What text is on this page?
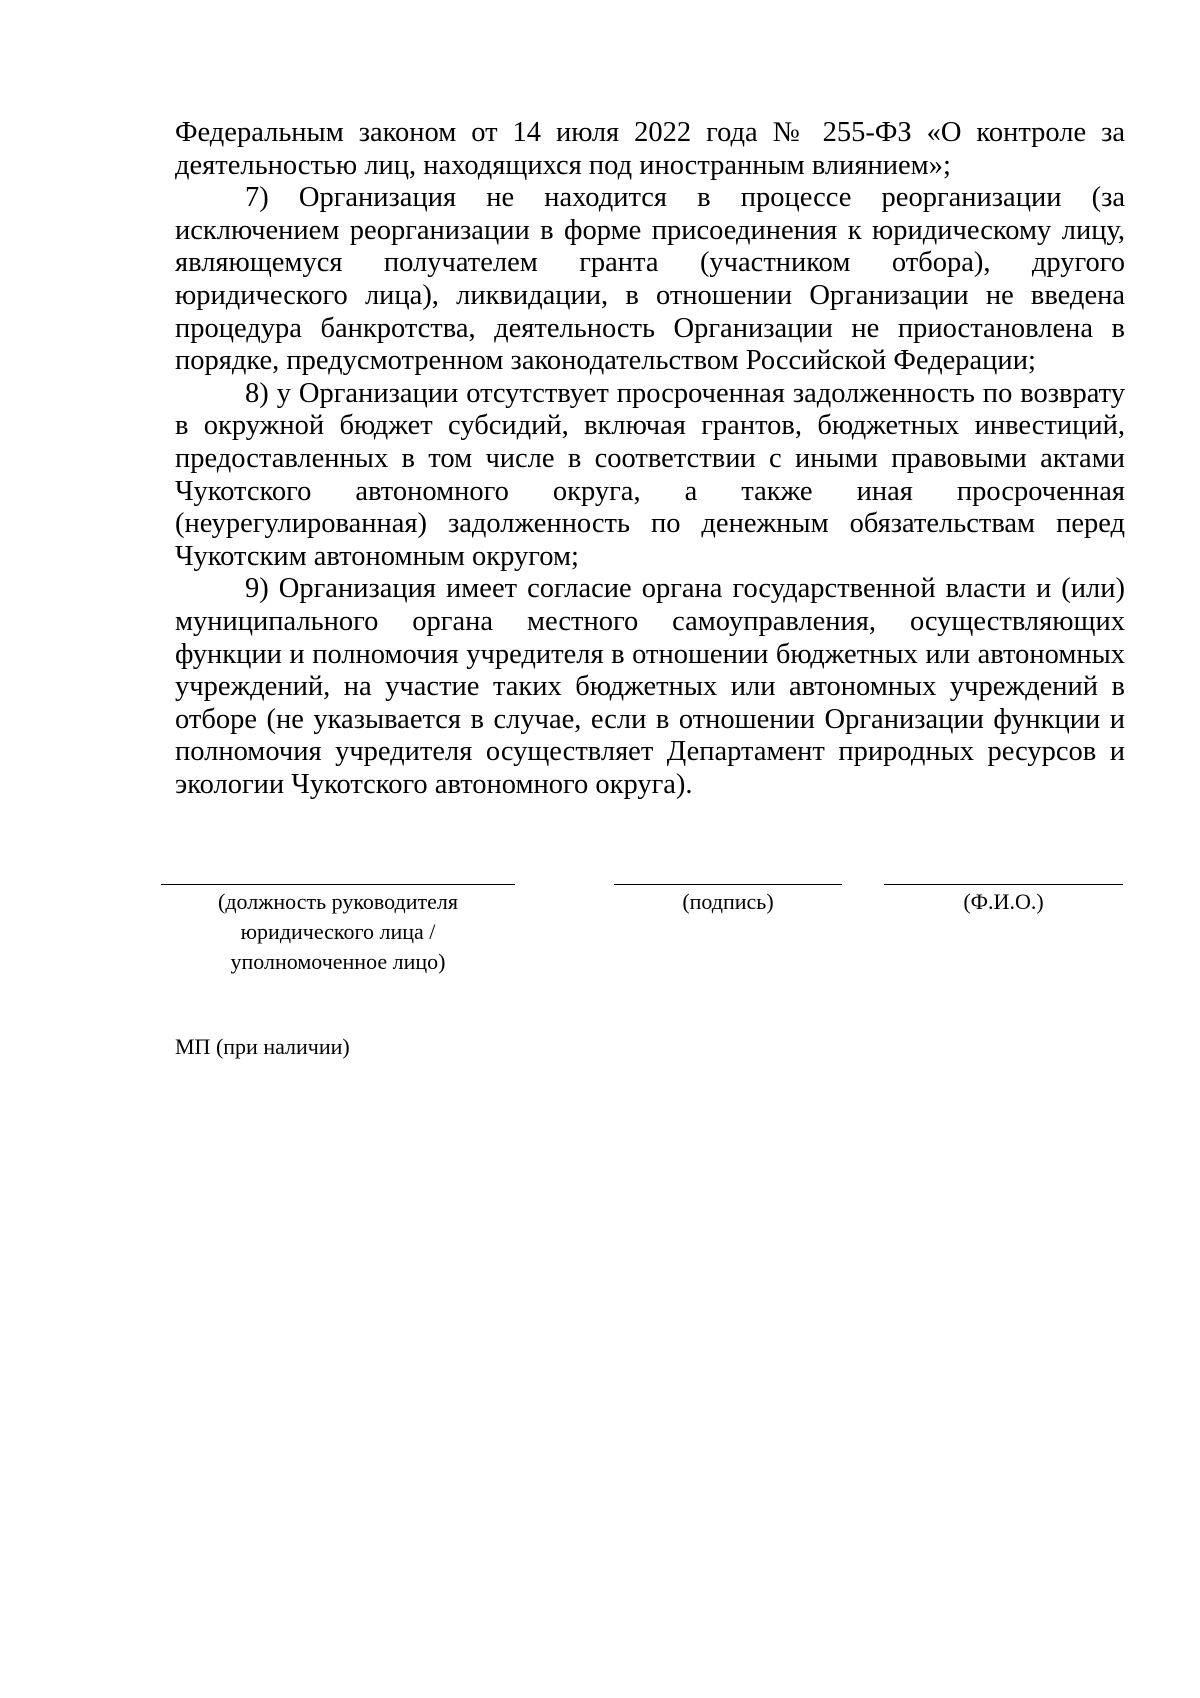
Федеральным законом от 14 июля 2022 года № 255-ФЗ «О контроле за деятельностью лиц, находящихся под иностранным влиянием»;

7) Организация не находится в процессе реорганизации (за исключением реорганизации в форме присоединения к юридическому лицу, являющемуся получателем гранта (участником отбора), другого юридического лица), ликвидации, в отношении Организации не введена процедура банкротства, деятельность Организации не приостановлена в порядке, предусмотренном законодательством Российской Федерации;

8) у Организации отсутствует просроченная задолженность по возврату в окружной бюджет субсидий, включая грантов, бюджетных инвестиций, предоставленных в том числе в соответствии с иными правовыми актами Чукотского автономного округа, а также иная просроченная (неурегулированная) задолженность по денежным обязательствам перед Чукотским автономным округом;

9) Организация имеет согласие органа государственной власти и (или) муниципального органа местного самоуправления, осуществляющих функции и полномочия учредителя в отношении бюджетных или автономных учреждений, на участие таких бюджетных или автономных учреждений в отборе (не указывается в случае, если в отношении Организации функции и полномочия учредителя осуществляет Департамент природных ресурсов и экологии Чукотского автономного округа).

(должность руководителя
юридического лица /
уполномоченное лицо)
(подпись)	(Ф.И.О.)
МП (при наличии)
